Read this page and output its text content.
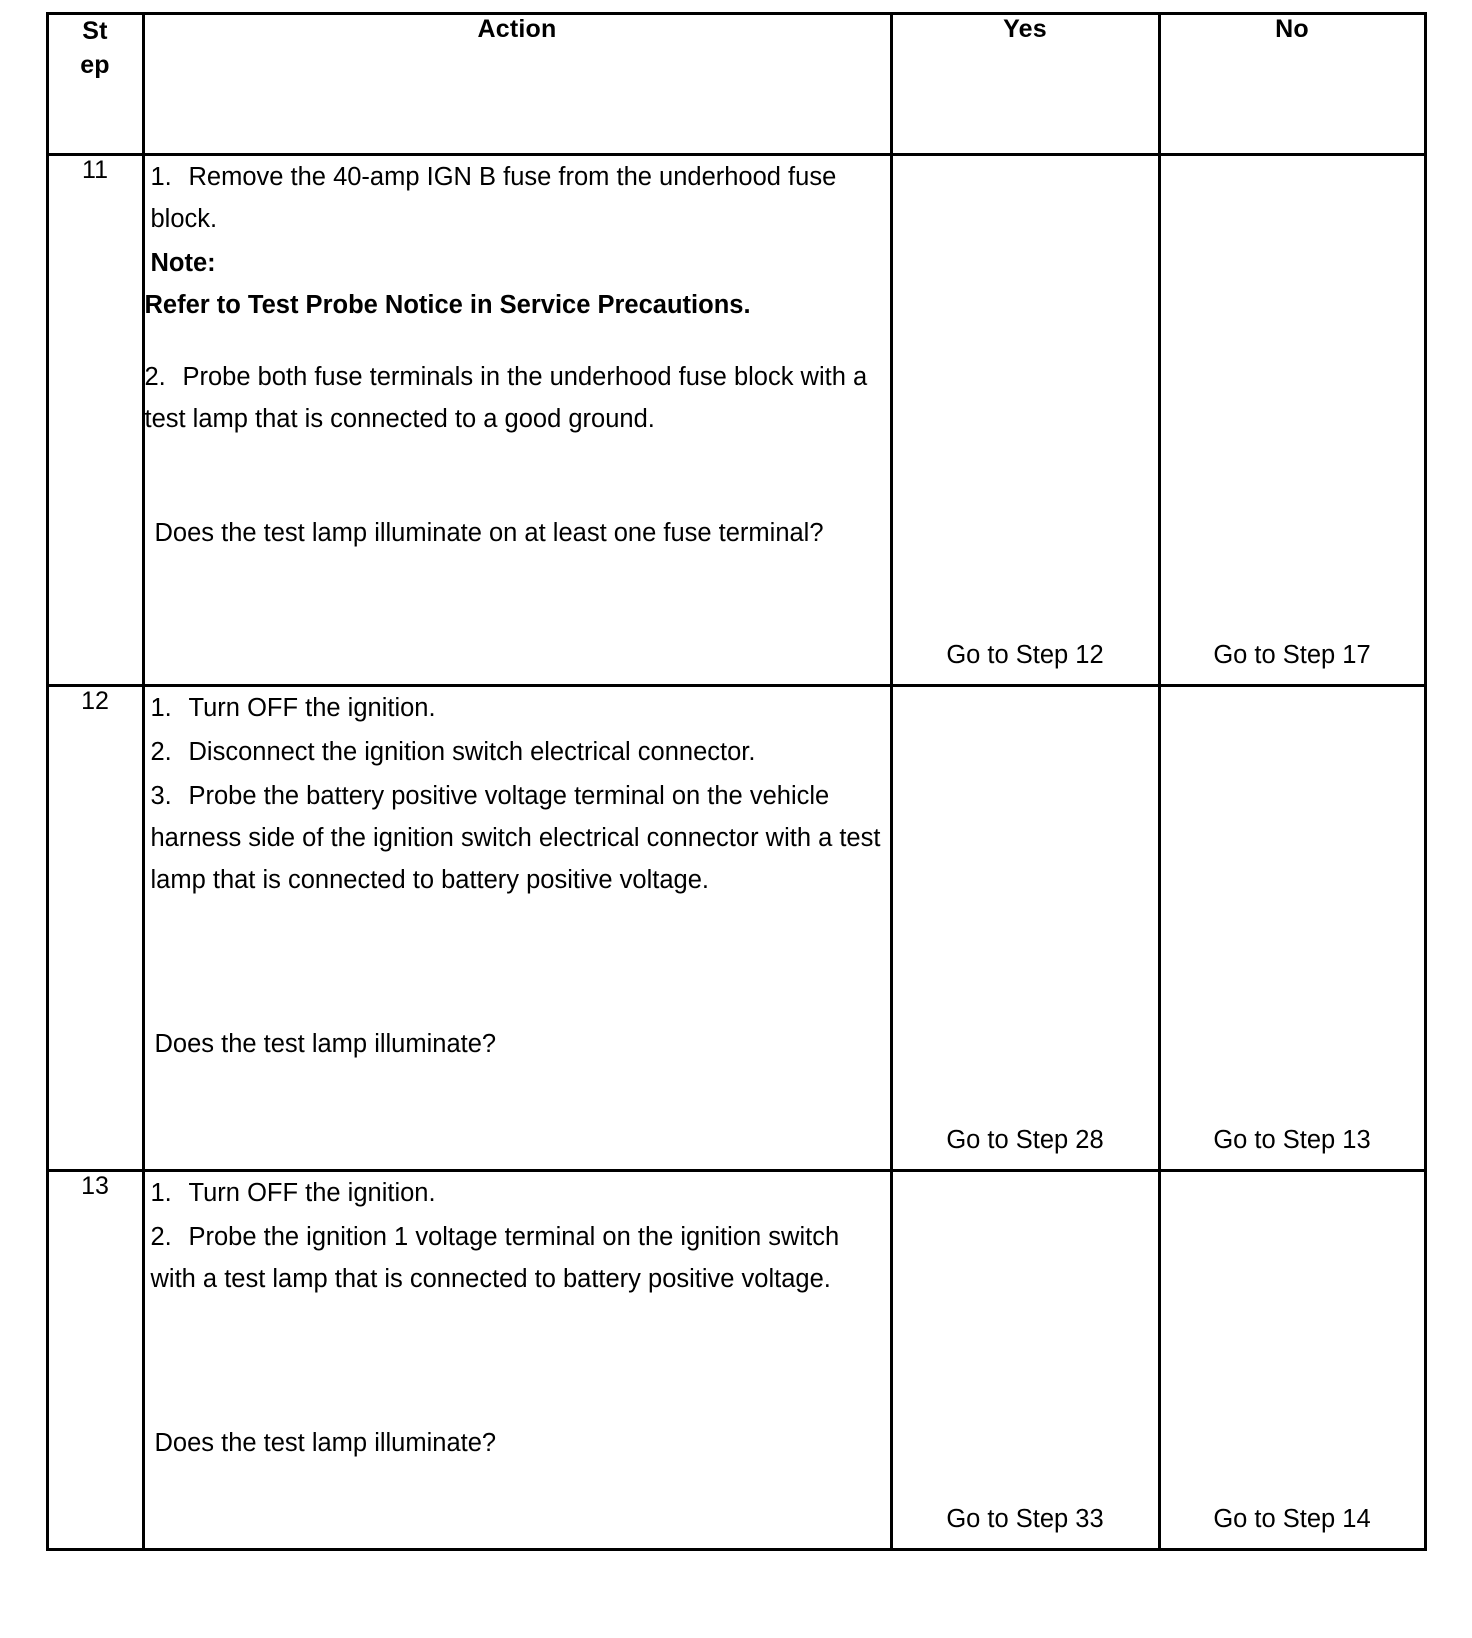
St
ep	Action	Yes	No
11	1. Remove the 40-amp IGN B fuse from the underhood fuse block.
Note:
Refer to Test Probe Notice in Service Precautions.
2. Probe both fuse terminals in the underhood fuse block with a test lamp that is connected to a good ground.
Does the test lamp illuminate on at least one fuse terminal?	Go to Step 12	Go to Step 17

12	1. Turn OFF the ignition.
2. Disconnect the ignition switch electrical connector.
3. Probe the battery positive voltage terminal on the vehicle harness side of the ignition switch electrical connector with a test lamp that is connected to battery positive voltage.
Does the test lamp illuminate?	Go to Step 28	Go to Step 13

13	1. Turn OFF the ignition.
2. Probe the ignition 1 voltage terminal on the ignition switch with a test lamp that is connected to battery positive voltage.
Does the test lamp illuminate?	Go to Step 33	Go to Step 14
